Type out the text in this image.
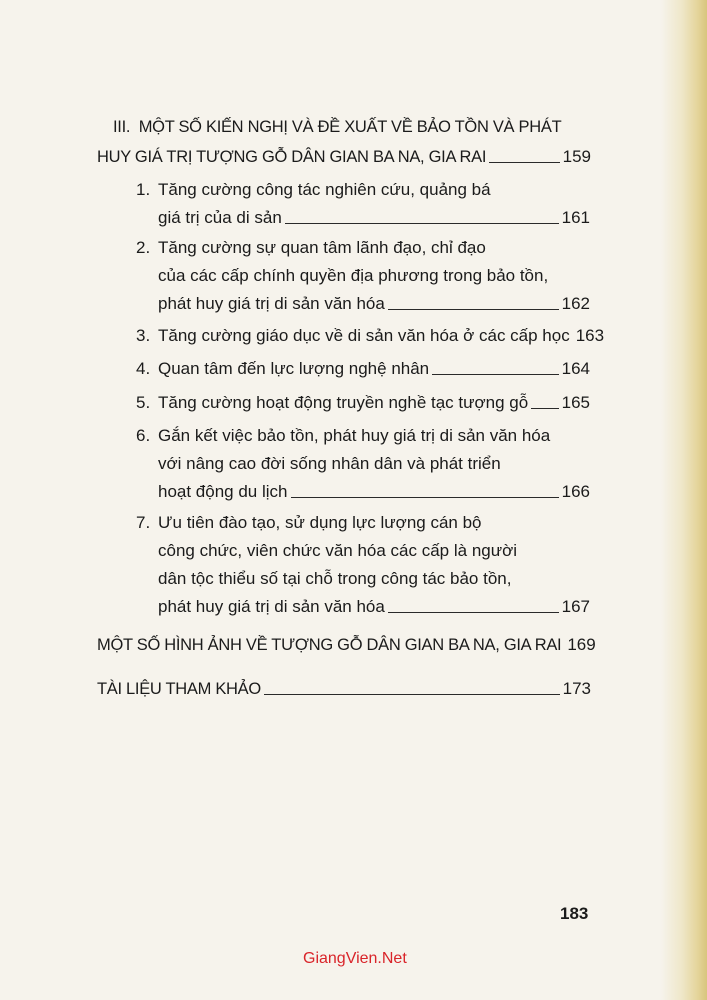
III. MỘT SỐ KIẾN NGHỊ VÀ ĐỀ XUẤT VỀ BẢO TỒN VÀ PHÁT
HUY GIÁ TRỊ TƯỢNG GỖ DÂN GIAN BA NA, GIA RAI	159
1. Tăng cường công tác nghiên cứu, quảng bá
giá trị của di sản	161
2. Tăng cường sự quan tâm lãnh đạo, chỉ đạo
của các cấp chính quyền địa phương trong bảo tồn,
phát huy giá trị di sản văn hóa	162
3. Tăng cường giáo dục về di sản văn hóa ở các cấp học 163
4. Quan tâm đến lực lượng nghệ nhân	164
5. Tăng cường hoạt động truyền nghề tạc tượng gỗ 165
6. Gắn kết việc bảo tồn, phát huy giá trị di sản văn hóa
với nâng cao đời sống nhân dân và phát triển
hoạt động du lịch	166
7. Ưu tiên đào tạo, sử dụng lực lượng cán bộ
công chức, viên chức văn hóa các cấp là người
dân tộc thiểu số tại chỗ trong công tác bảo tồn,
phát huy giá trị di sản văn hóa	167
MỘT SỐ HÌNH ẢNH VỀ TƯỢNG GỖ DÂN GIAN BA NA, GIA RAI 169
TÀI LIỆU THAM KHẢO	173
183
GiangVien.Net
